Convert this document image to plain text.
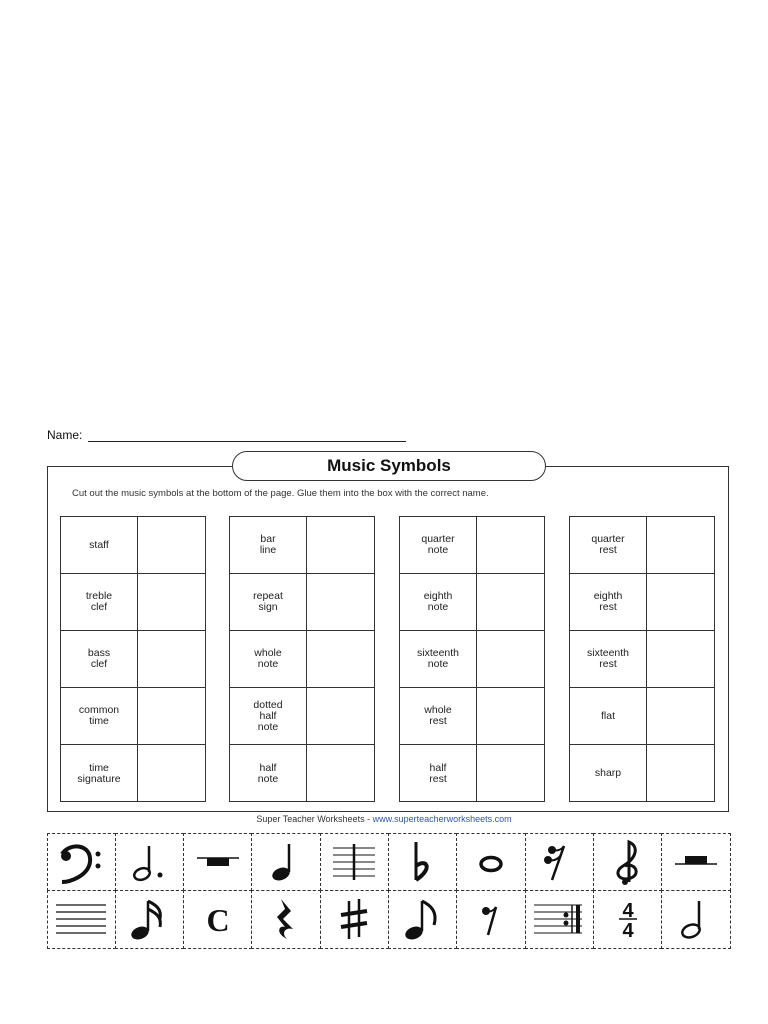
Name:
Music Symbols
Cut out the music symbols at the bottom of the page. Glue them into the box with the correct name.
staff
treble
clef
bass
clef
common
time
time
signature
bar
line
repeat
sign
whole
note
dotted
half
note
half
note
quarter
note
eighth
note
sixteenth
note
whole
rest
half
rest
quarter
rest
eighth
rest
sixteenth
rest
flat
sharp
Super Teacher Worksheets - www.superteacherworksheets.com
C	4
4
